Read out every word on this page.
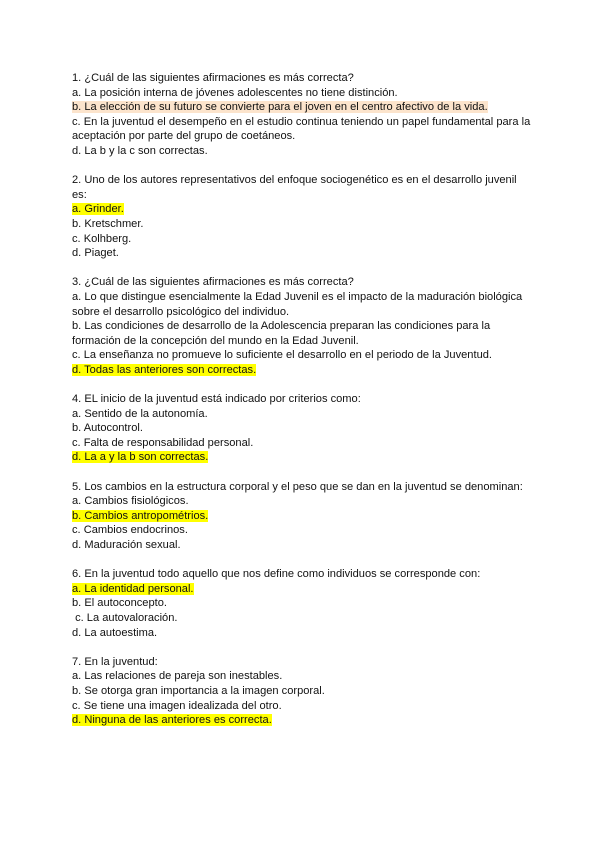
1. ¿Cuál de las siguientes afirmaciones es más correcta?
a. La posición interna de jóvenes adolescentes no tiene distinción.
b. La elección de su futuro se convierte para el joven en el centro afectivo de la vida.
c. En la juventud el desempeño en el estudio continua teniendo un papel fundamental para la aceptación por parte del grupo de coetáneos.
d. La b y la c son correctas.
2. Uno de los autores representativos del enfoque sociogenético es en el desarrollo juvenil es:
a. Grinder.
b. Kretschmer.
c. Kolhberg.
d. Piaget.
3. ¿Cuál de las siguientes afirmaciones es más correcta?
a. Lo que distingue esencialmente la Edad Juvenil es el impacto de la maduración biológica sobre el desarrollo psicológico del individuo.
b. Las condiciones de desarrollo de la Adolescencia preparan las condiciones para la formación de la concepción del mundo en la Edad Juvenil.
c. La enseñanza no promueve lo suficiente el desarrollo en el periodo de la Juventud.
d. Todas las anteriores son correctas.
4. EL inicio de la juventud está indicado por criterios como:
a. Sentido de la autonomía.
b. Autocontrol.
c. Falta de responsabilidad personal.
d. La a y la b son correctas.
5. Los cambios en la estructura corporal y el peso que se dan en la juventud se denominan:
a. Cambios fisiológicos.
b. Cambios antropométrios.
c. Cambios endocrinos.
d. Maduración sexual.
6. En la juventud todo aquello que nos define como individuos se corresponde con:
a. La identidad personal.
b. El autoconcepto.
c. La autovaloración.
d. La autoestima.
7. En la juventud:
a. Las relaciones de pareja son inestables.
b. Se otorga gran importancia a la imagen corporal.
c. Se tiene una imagen idealizada del otro.
d. Ninguna de las anteriores es correcta.
